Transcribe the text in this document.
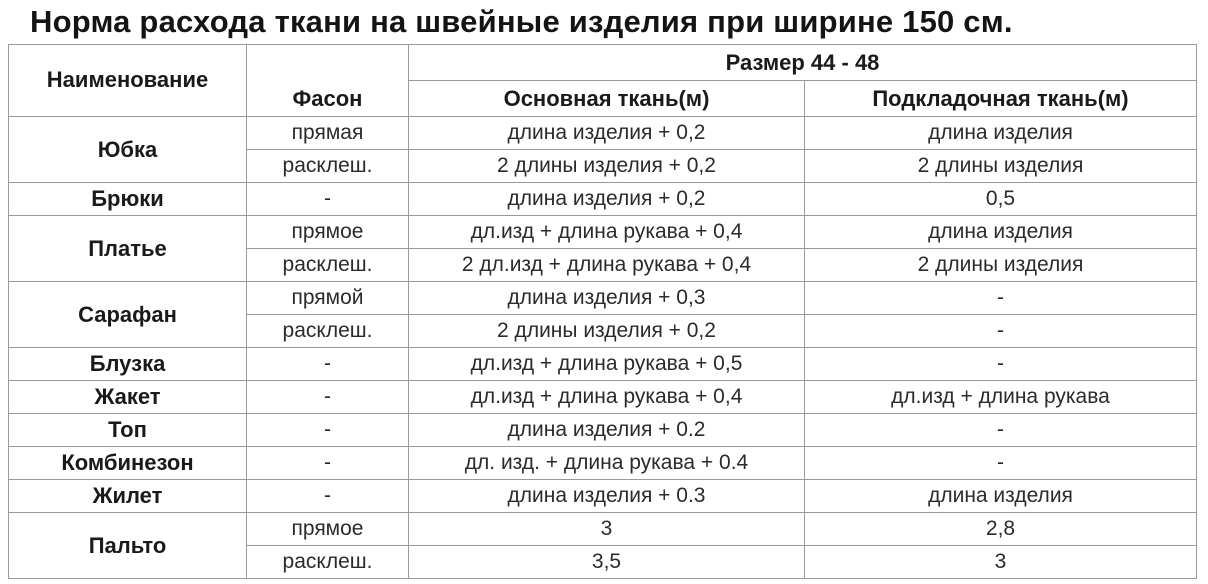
Норма расхода ткани на швейные изделия при ширине 150 см.
Наименование	Фасон	Размер 44 - 48	
		Основная ткань(м)	Подкладочная ткань(м)
Юбка	прямая	длина изделия + 0,2	длина изделия
	расклеш.	2 длины изделия + 0,2	2 длины изделия
Брюки	-	длина изделия + 0,2	0,5
Платье	прямое	дл.изд + длина рукава + 0,4	длина изделия
	расклеш.	2 дл.изд + длина рукава + 0,4	2 длины изделия
Сарафан	прямой	длина изделия + 0,3	-
	расклеш.	2 длины изделия + 0,2	-
Блузка	-	дл.изд + длина рукава + 0,5	-
Жакет	-	дл.изд + длина рукава + 0,4	дл.изд + длина рукава
Топ	-	длина изделия + 0.2	-
Комбинезон	-	дл. изд. + длина рукава + 0.4	-
Жилет	-	длина изделия + 0.3	длина изделия
Пальто	прямое	3	2,8
	расклеш.	3,5	3
